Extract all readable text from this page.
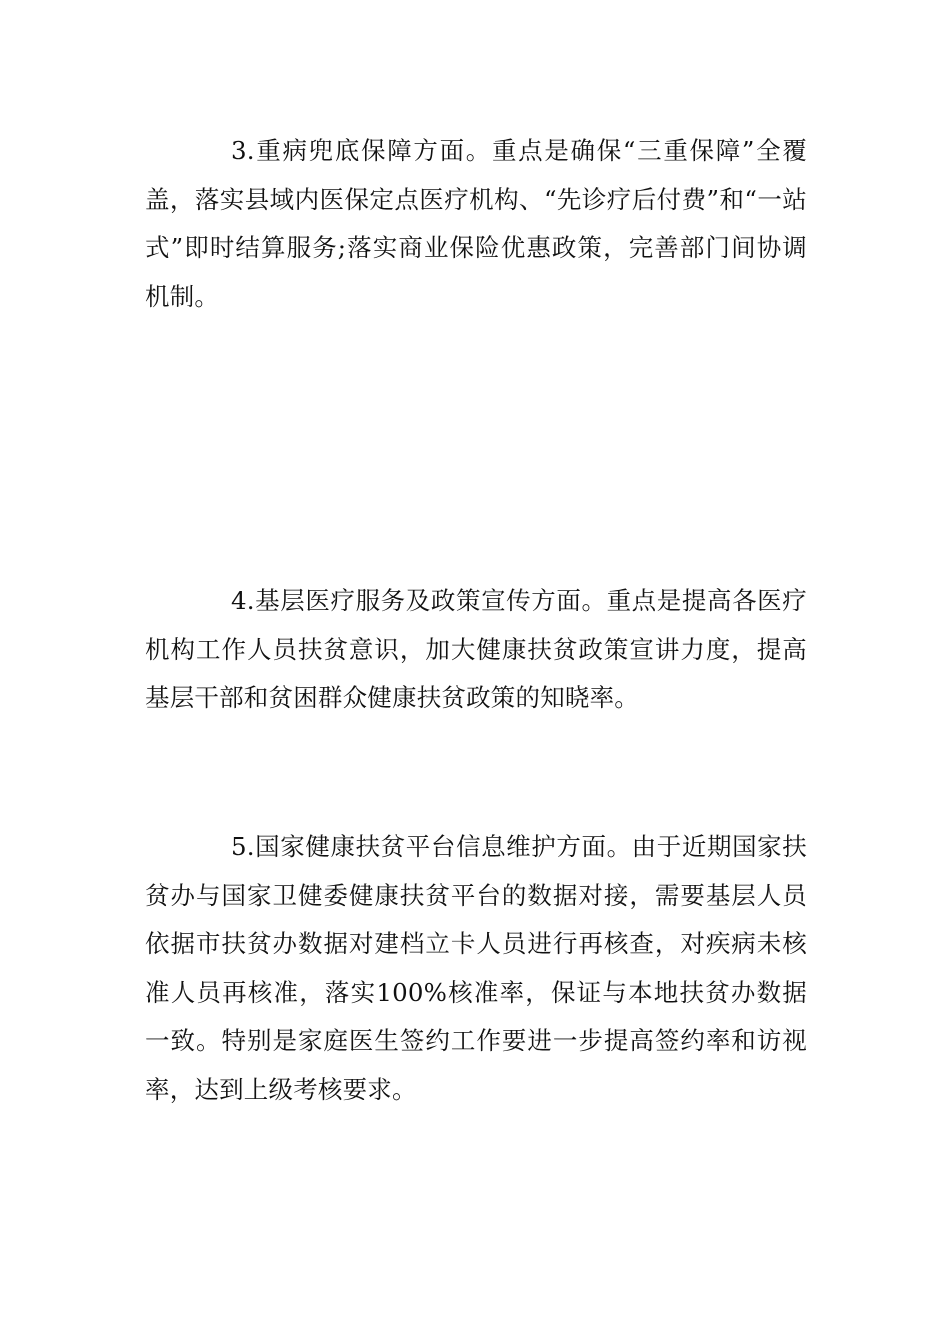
3.重病兜底保障方面。重点是确保“三重保障”全覆盖，落实县域内医保定点医疗机构、“先诊疗后付费”和“一站式”即时结算服务;落实商业保险优惠政策，完善部门间协调机制。

4.基层医疗服务及政策宣传方面。重点是提高各医疗机构工作人员扶贫意识，加大健康扶贫政策宣讲力度，提高基层干部和贫困群众健康扶贫政策的知晓率。

5.国家健康扶贫平台信息维护方面。由于近期国家扶贫办与国家卫健委健康扶贫平台的数据对接，需要基层人员依据市扶贫办数据对建档立卡人员进行再核查，对疾病未核准人员再核准，落实100%核准率，保证与本地扶贫办数据一致。特别是家庭医生签约工作要进一步提高签约率和访视率，达到上级考核要求。
